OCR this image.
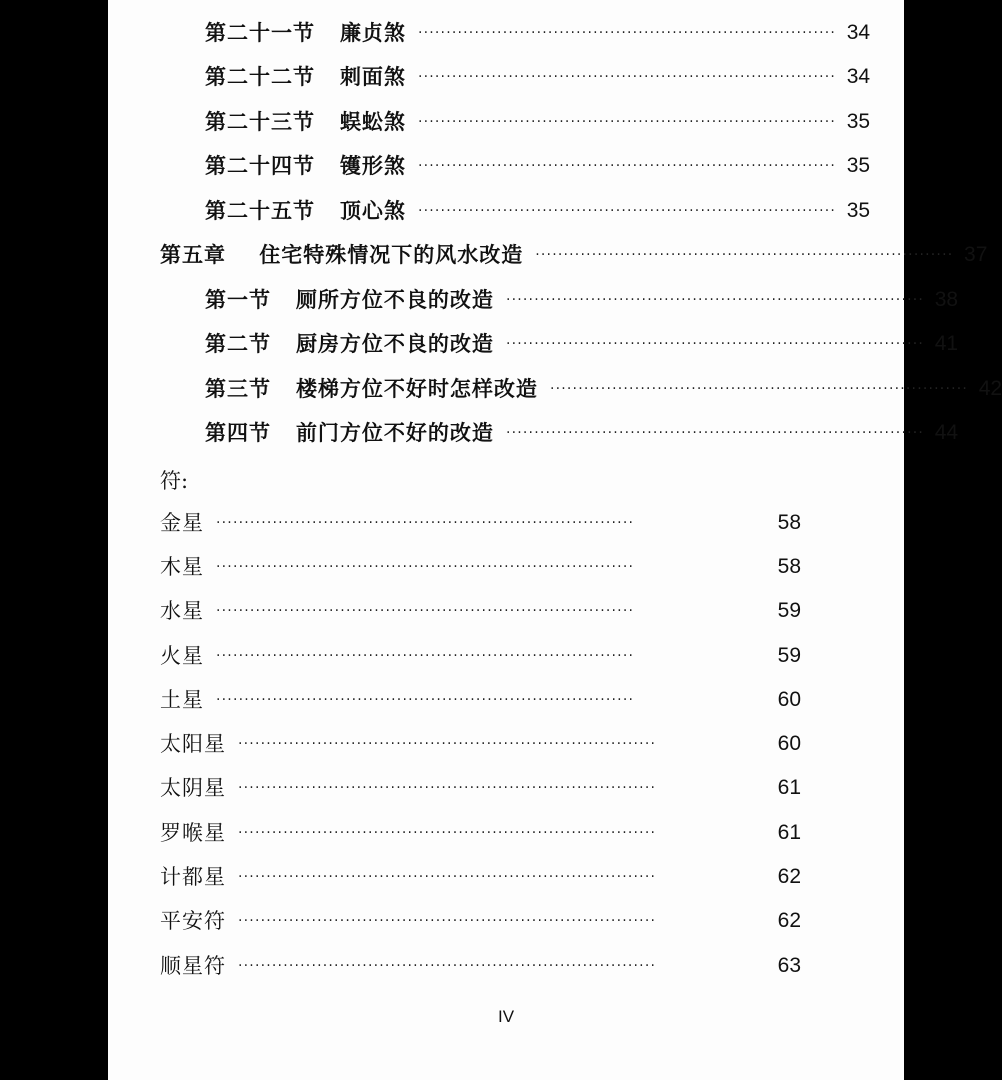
第二十一节 廉贞煞 ·········································································· 34
第二十二节 刺面煞 ·········································································· 34
第二十三节 蜈蚣煞 ·········································································· 35
第二十四节 镬形煞 ·········································································· 35
第二十五节 顶心煞 ·········································································· 35
第五章 住宅特殊情况下的风水改造 ·········································································· 37
第一节 厕所方位不良的改造 ·········································································· 38
第二节 厨房方位不良的改造 ·········································································· 41
第三节 楼梯方位不好时怎样改造 ·········································································· 42
第四节 前门方位不好的改造 ·········································································· 44
符:
金星 ··········································································	58
木星 ··········································································	58
水星 ··········································································	59
火星 ··········································································	59
土星 ··········································································	60
太阳星 ··········································································	60
太阴星 ··········································································	61
罗喉星 ··········································································	61
计都星 ··········································································	62
平安符 ··········································································	62
顺星符 ··········································································	63
IV
